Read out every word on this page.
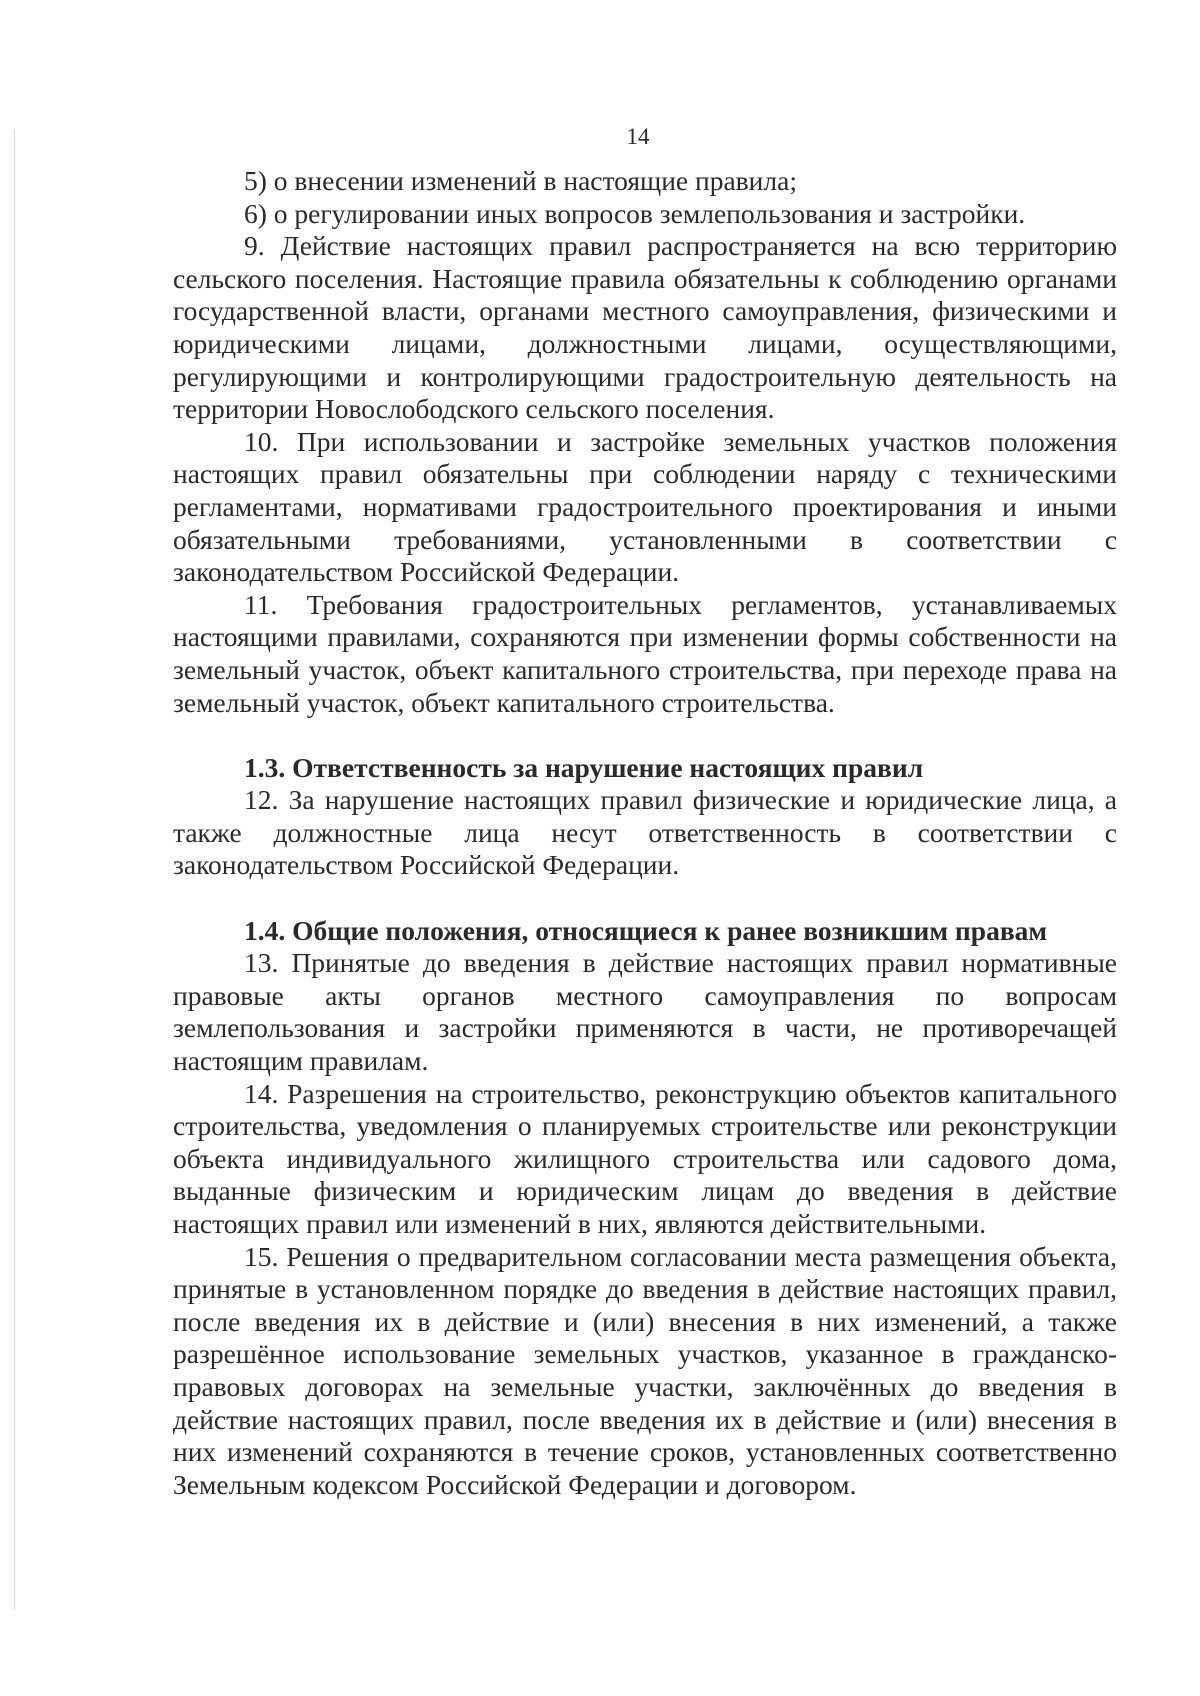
14

5) о внесении изменений в настоящие правила;

6) о регулировании иных вопросов землепользования и застройки.

9. Действие настоящих правил распространяется на всю территорию сельского поселения. Настоящие правила обязательны к соблюдению органами государственной власти, органами местного самоуправления, физическими и юридическими лицами, должностными лицами, осуществляющими, регулирующими и контролирующими градостроительную деятельность на территории Новослободского сельского поселения.

10. При использовании и застройке земельных участков положения настоящих правил обязательны при соблюдении наряду с техническими регламентами, нормативами градостроительного проектирования и иными обязательными требованиями, установленными в соответствии с законодательством Российской Федерации.

11. Требования градостроительных регламентов, устанавливаемых настоящими правилами, сохраняются при изменении формы собственности на земельный участок, объект капитального строительства, при переходе права на земельный участок, объект капитального строительства.

1.3. Ответственность за нарушение настоящих правил

12. За нарушение настоящих правил физические и юридические лица, а также должностные лица несут ответственность в соответствии с законодательством Российской Федерации.

1.4. Общие положения, относящиеся к ранее возникшим правам

13. Принятые до введения в действие настоящих правил нормативные правовые акты органов местного самоуправления по вопросам землепользования и застройки применяются в части, не противоречащей настоящим правилам.

14. Разрешения на строительство, реконструкцию объектов капитального строительства, уведомления о планируемых строительстве или реконструкции объекта индивидуального жилищного строительства или садового дома, выданные физическим и юридическим лицам до введения в действие настоящих правил или изменений в них, являются действительными.

15. Решения о предварительном согласовании места размещения объекта, принятые в установленном порядке до введения в действие настоящих правил, после введения их в действие и (или) внесения в них изменений, а также разрешённое использование земельных участков, указанное в гражданско-правовых договорах на земельные участки, заключённых до введения в действие настоящих правил, после введения их в действие и (или) внесения в них изменений сохраняются в течение сроков, установленных соответственно Земельным кодексом Российской Федерации и договором.
